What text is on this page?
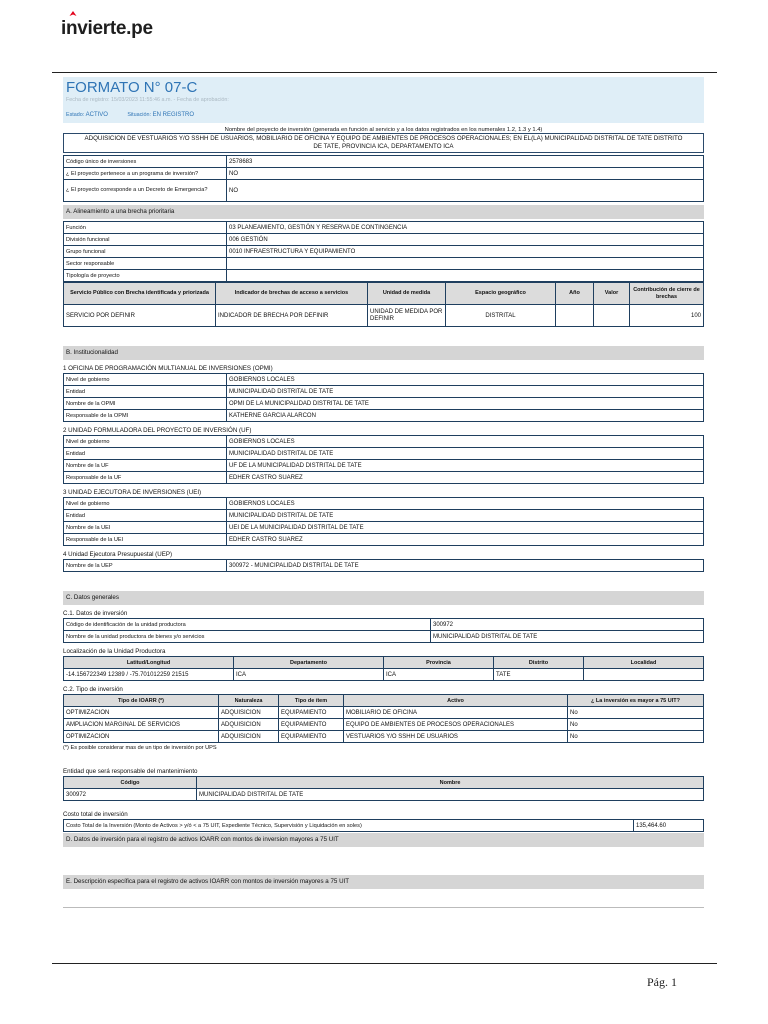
invierte.pe
FORMATO N° 07-C
Fecha de registro: 15/03/2023 11:55:46 a.m. - Fecha de aprobación:
Estado: ACTIVO	Situación: EN REGISTRO
Nombre del proyecto de inversión (generada en función al servicio y a los datos registrados en los numerales 1.2, 1.3 y 1.4)
ADQUISICION DE VESTUARIOS Y/O SSHH DE USUARIOS, MOBILIARIO DE OFICINA Y EQUIPO DE AMBIENTES DE PROCESOS OPERACIONALES; EN EL(LA) MUNICIPALIDAD DISTRITAL DE TATE DISTRITO DE TATE, PROVINCIA ICA, DEPARTAMENTO ICA
Código único de inversiones	2578683
¿ El proyecto pertenece a un programa de inversión?	NO
¿ El proyecto corresponde a un Decreto de Emergencia?	NO
A. Alineamiento a una brecha prioritaria
Función	03 PLANEAMIENTO, GESTIÓN Y RESERVA DE CONTINGENCIA
División funcional	006 GESTIÓN
Grupo funcional	0010 INFRAESTRUCTURA Y EQUIPAMIENTO
Sector responsable	
Tipología de proyecto	
Servicio Público con Brecha identificada y priorizada	Indicador de brechas de acceso a servicios	Unidad de medida	Espacio geográfico	Año	Valor	Contribución de cierre de brechas
SERVICIO POR DEFINIR	INDICADOR DE BRECHA POR DEFINIR	UNIDAD DE MEDIDA POR DEFINIR	DISTRITAL			100
B. Institucionalidad
1 OFICINA DE PROGRAMACIÓN MULTIANUAL DE INVERSIONES (OPMI)
Nivel de gobierno	GOBIERNOS LOCALES
Entidad	MUNICIPALIDAD DISTRITAL DE TATE
Nombre de la OPMI	OPMI DE LA MUNICIPALIDAD DISTRITAL DE TATE
Responsable de la OPMI	KATHERNE GARCIA ALARCON
2 UNIDAD FORMULADORA DEL PROYECTO DE INVERSIÓN (UF)
Nivel de gobierno	GOBIERNOS LOCALES
Entidad	MUNICIPALIDAD DISTRITAL DE TATE
Nombre de la UF	UF DE LA MUNICIPALIDAD DISTRITAL DE TATE
Responsable de la UF	EDHER CASTRO SUAREZ
3 UNIDAD EJECUTORA DE INVERSIONES (UEI)
Nivel de gobierno	GOBIERNOS LOCALES
Entidad	MUNICIPALIDAD DISTRITAL DE TATE
Nombre de la UEI	UEI DE LA MUNICIPALIDAD DISTRITAL DE TATE
Responsable de la UEI	EDHER CASTRO SUAREZ
4 Unidad Ejecutora Presupuestal (UEP)
Nombre de la UEP	300972 - MUNICIPALIDAD DISTRITAL DE TATE
C. Datos generales
C.1. Datos de inversión
Código de identificación de la unidad productora	300972
Nombre de la unidad productora de bienes y/o servicios	MUNICIPALIDAD DISTRITAL DE TATE
Localización de la Unidad Productora
Latitud/Longitud	Departamento	Provincia	Distrito	Localidad
-14.156722349 12389 / -75.701012259 21515	ICA	ICA	TATE	
C.2. Tipo de inversión
Tipo de IOARR (*)	Naturaleza	Tipo de ítem	Activo	¿ La inversión es mayor a 75 UIT?
OPTIMIZACION	ADQUISICION	EQUIPAMIENTO	MOBILIARIO DE OFICINA	No
AMPLIACION MARGINAL DE SERVICIOS	ADQUISICION	EQUIPAMIENTO	EQUIPO DE AMBIENTES DE PROCESOS OPERACIONALES	No
OPTIMIZACION	ADQUISICION	EQUIPAMIENTO	VESTUARIOS Y/O SSHH DE USUARIOS	No
(*) Es posible considerar mas de un tipo de inversión por UPS
Entidad que será responsable del mantenimiento
Código	Nombre
300972	MUNICIPALIDAD DISTRITAL DE TATE
Costo total de inversión
Costo Total de la Inversión (Monto de Activos > y/ó < a 75 UIT, Expediente Técnico, Supervisión y Liquidación en soles)	135,464.60
D. Datos de inversión para el registro de activos IOARR con montos de inversion mayores a 75 UIT
E. Descripción específica para el registro de activos IOARR con montos de inversión mayores a 75 UIT
Pág. 1
